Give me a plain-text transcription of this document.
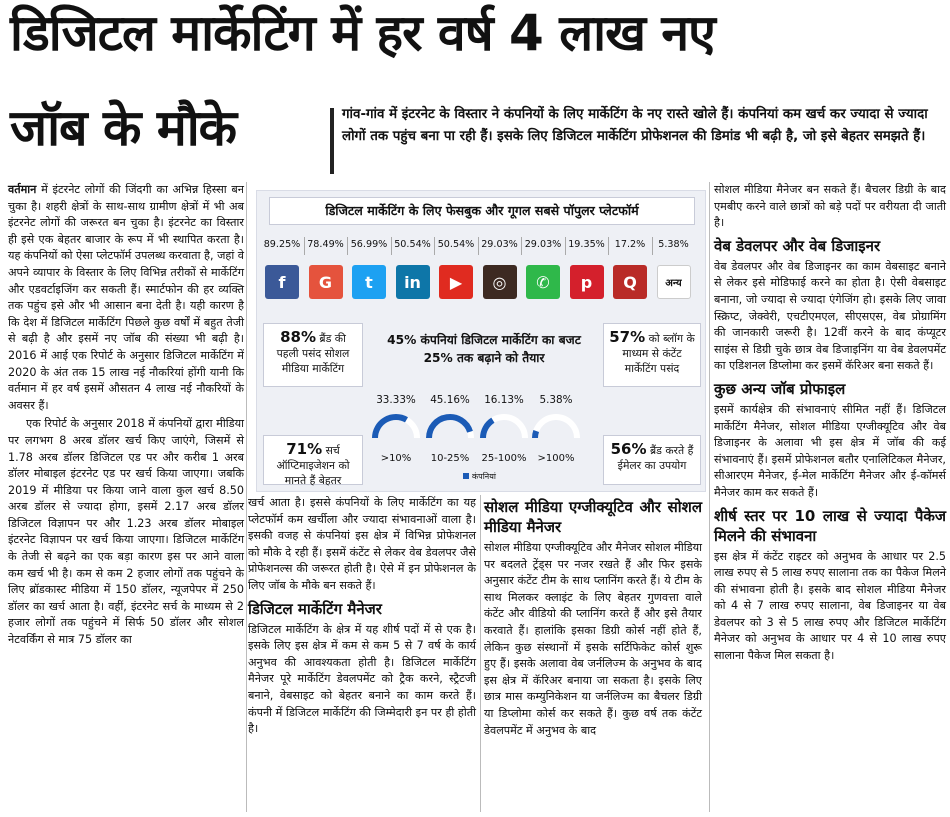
डिजिटल मार्केटिंग में हर वर्ष 4 लाख नए
जॉब के मौके	गांव-गांव में इंटरनेट के विस्तार ने कंपनियों के लिए मार्केटिंग के नए रास्ते खोले हैं। कंपनियां कम खर्च कर ज्यादा से ज्यादा लोगों तक पहुंच बना पा रही हैं। इसके लिए डिजिटल मार्केटिंग प्रोफेशनल की डिमांड भी बढ़ी है, जो इसे बेहतर समझते हैं।

वर्तमान में इंटरनेट लोगों की जिंदगी का अभिन्न हिस्सा बन चुका है। शहरी क्षेत्रों के साथ-साथ ग्रामीण क्षेत्रों में भी अब इंटरनेट लोगों की जरूरत बन चुका है। इंटरनेट का विस्तार ही इसे एक बेहतर बाजार के रूप में भी स्थापित करता है। यह कंपनियों को ऐसा प्लेटफॉर्म उपलब्ध करवाता है, जहां वे अपने व्यापार के विस्तार के लिए विभिन्न तरीकों से मार्केटिंग और एडवर्टाइजिंग कर सकती हैं। स्मार्टफोन की हर व्यक्ति तक पहुंच इसे और भी आसान बना देती है। यही कारण है कि देश में डिजिटल मार्केटिंग पिछले कुछ वर्षों में बहुत तेजी से बढ़ी है और इसमें नए जॉब की संख्या भी बढ़ी है। 2016 में आई एक रिपोर्ट के अनुसार डिजिटल मार्केटिंग में 2020 के अंत तक 15 लाख नई नौकरियां होंगी यानी कि वर्तमान में हर वर्ष इसमें औसतन 4 लाख नई नौकरियों के अवसर हैं।

एक रिपोर्ट के अनुसार 2018 में कंपनियों द्वारा मीडिया पर लगभग 8 अरब डॉलर खर्च किए जाएंगे, जिसमें से 1.78 अरब डॉलर डिजिटल एड पर और करीब 1 अरब डॉलर मोबाइल इंटरनेट एड पर खर्च किया जाएगा। जबकि 2019 में मीडिया पर किया जाने वाला कुल खर्च 8.50 अरब डॉलर से ज्यादा होगा, इसमें 2.17 अरब डॉलर डिजिटल विज्ञापन पर और 1.23 अरब डॉलर मोबाइल इंटरनेट विज्ञापन पर खर्च किया जाएगा। डिजिटल मार्केटिंग के तेजी से बढ़ने का एक बड़ा कारण इस पर आने वाला कम खर्च भी है। कम से कम 2 हजार लोगों तक पहुंचने के लिए ब्रॉडकास्ट मीडिया में 150 डॉलर, न्यूजपेपर में 250 डॉलर का खर्च आता है। वहीं, इंटरनेट सर्च के माध्यम से 2 हजार लोगों तक पहुंचने में सिर्फ 50 डॉलर और सोशल नेटवर्किंग से मात्र 75 डॉलर का

डिजिटल मार्केटिंग के लिए फेसबुक और गूगल सबसे पॉपुलर प्लेटफॉर्म
89.25%
f
78.49%
G
56.99%
t
50.54%
in
50.54%
▶
29.03%
◎
29.03%
✆
19.35%
p
17.2%
Q
5.38%
अन्य
88% ब्रैंड की पहली पसंद सोशल मीडिया मार्केटिंग
71% सर्च ऑप्टिमाइजेशन को मानते हैं बेहतर
57% को ब्लॉग के माध्यम से कंटेंट मार्केटिंग पसंद
56% ब्रैंड करते हैं ईमेलर का उपयोग
45% कंपनियां डिजिटल मार्केटिंग का बजट 25% तक बढ़ाने को तैयार
33.33%
>10%
45.16%
10-25%
16.13%
25-100%
5.38%
>100%
कंपनियां

खर्च आता है। इससे कंपनियों के लिए मार्केटिंग का यह प्लेटफॉर्म कम खर्चीला और ज्यादा संभावनाओं वाला है। इसकी वजह से कंपनियां इस क्षेत्र में विभिन्न प्रोफेशनल को मौके दे रही हैं। इसमें कंटेंट से लेकर वेब डेवलपर जैसे प्रोफेशनल्स की जरूरत होती है। ऐसे में इन प्रोफेशनल के लिए जॉब के मौके बन सकते हैं।

डिजिटल मार्केटिंग मैनेजर

डिजिटल मार्केटिंग के क्षेत्र में यह शीर्ष पदों में से एक है। इसके लिए इस क्षेत्र में कम से कम 5 से 7 वर्ष के कार्य अनुभव की आवश्यकता होती है। डिजिटल मार्केटिंग मैनेजर पूरे मार्केटिंग डेवलपमेंट को ट्रैक करने, स्ट्रैटजी बनाने, वेबसाइट को बेहतर बनाने का काम करते हैं। कंपनी में डिजिटल मार्केटिंग की जिम्मेदारी इन पर ही होती है।

सोशल मीडिया एग्जीक्यूटिव और सोशल मीडिया मैनेजर

सोशल मीडिया एग्जीक्यूटिव और मैनेजर सोशल मीडिया पर बदलते ट्रेंड्स पर नजर रखते हैं और फिर इसके अनुसार कंटेंट टीम के साथ प्लानिंग करते हैं। ये टीम के साथ मिलकर क्लाइंट के लिए बेहतर गुणवत्ता वाले कंटेंट और वीडियो की प्लानिंग करते हैं और इसे तैयार करवाते हैं। हालांकि इसका डिग्री कोर्स नहीं होते हैं, लेकिन कुछ संस्थानों में इसके सर्टिफिकेट कोर्स शुरू हुए हैं। इसके अलावा वेब जर्नलिज्म के अनुभव के बाद इस क्षेत्र में कॅरिअर बनाया जा सकता है। इसके लिए छात्र मास कम्युनिकेशन या जर्नलिज्म का बैचलर डिग्री या डिप्लोमा कोर्स कर सकते हैं। कुछ वर्ष तक कंटेंट डेवलपमेंट में अनुभव के बाद

सोशल मीडिया मैनेजर बन सकते हैं। बैचलर डिग्री के बाद एमबीए करने वाले छात्रों को बड़े पदों पर वरीयता दी जाती है।

वेब डेवलपर और वेब डिजाइनर

वेब डेवलपर और वेब डिजाइनर का काम वेबसाइट बनाने से लेकर इसे मोडिफाई करने का होता है। ऐसी वेबसाइट बनाना, जो ज्यादा से ज्यादा एंगेजिंग हो। इसके लिए जावा स्क्रिप्ट, जेक्वेरी, एचटीएमएल, सीएसएस, वेब प्रोग्रामिंग की जानकारी जरूरी है। 12वीं करने के बाद कंप्यूटर साइंस से डिग्री चुके छात्र वेब डिजाइनिंग या वेब डेवलपमेंट का एडिशनल डिप्लोमा कर इसमें कॅरिअर बना सकते हैं।

कुछ अन्य जॉब प्रोफाइल

इसमें कार्यक्षेत्र की संभावनाएं सीमित नहीं हैं। डिजिटल मार्केटिंग मैनेजर, सोशल मीडिया एग्जीक्यूटिव और वेब डिजाइनर के अलावा भी इस क्षेत्र में जॉब की कई संभावनाएं हैं। इसमें प्रोफेशनल बतौर एनालिटिकल मैनेजर, सीआरएम मैनेजर, ई-मेल मार्केटिंग मैनेजर और ई-कॉमर्स मैनेजर काम कर सकते हैं।

शीर्ष स्तर पर 10 लाख से ज्यादा पैकेज मिलने की संभावना

इस क्षेत्र में कंटेंट राइटर को अनुभव के आधार पर 2.5 लाख रुपए से 5 लाख रुपए सालाना तक का पैकेज मिलने की संभावना होती है। इसके बाद सोशल मीडिया मैनेजर को 4 से 7 लाख रुपए सालाना, वेब डिजाइनर या वेब डेवलपर को 3 से 5 लाख रुपए और डिजिटल मार्केटिंग मैनेजर को अनुभव के आधार पर 4 से 10 लाख रुपए सालाना पैकेज मिल सकता है।
